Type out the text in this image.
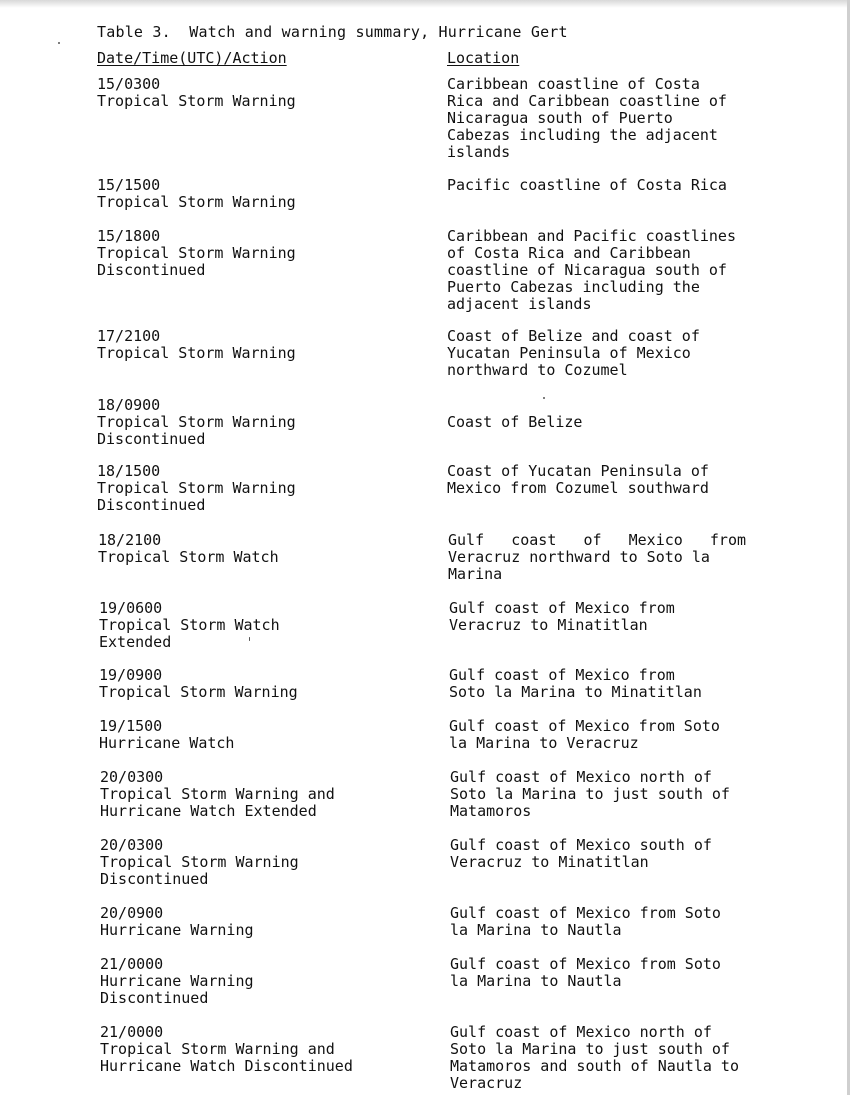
Table 3.  Watch and warning summary, Hurricane Gert
Date/Time(UTC)/Action	Location
15/0300
Tropical Storm Warning
Caribbean coastline of Costa
Rica and Caribbean coastline of
Nicaragua south of Puerto
Cabezas including the adjacent
islands
15/1500
Tropical Storm Warning
Pacific coastline of Costa Rica
15/1800
Tropical Storm Warning
Discontinued
Caribbean and Pacific coastlines
of Costa Rica and Caribbean
coastline of Nicaragua south of
Puerto Cabezas including the
adjacent islands
17/2100
Tropical Storm Warning
Coast of Belize and coast of
Yucatan Peninsula of Mexico
northward to Cozumel
18/0900
Tropical Storm Warning
Discontinued
Coast of Belize
18/1500
Tropical Storm Warning
Discontinued
Coast of Yucatan Peninsula of
Mexico from Cozumel southward
18/2100
Tropical Storm Watch
Gulf   coast   of   Mexico   from
Veracruz northward to Soto la
Marina
19/0600
Tropical Storm Watch
Extended
Gulf coast of Mexico from
Veracruz to Minatitlan
19/0900
Tropical Storm Warning
Gulf coast of Mexico from
Soto la Marina to Minatitlan
19/1500
Hurricane Watch
Gulf coast of Mexico from Soto
la Marina to Veracruz
20/0300
Tropical Storm Warning and
Hurricane Watch Extended
Gulf coast of Mexico north of
Soto la Marina to just south of
Matamoros
20/0300
Tropical Storm Warning
Discontinued
Gulf coast of Mexico south of
Veracruz to Minatitlan
20/0900
Hurricane Warning
Gulf coast of Mexico from Soto
la Marina to Nautla
21/0000
Hurricane Warning
Discontinued
Gulf coast of Mexico from Soto
la Marina to Nautla
21/0000
Tropical Storm Warning and
Hurricane Watch Discontinued
Gulf coast of Mexico north of
Soto la Marina to just south of
Matamoros and south of Nautla to
Veracruz
